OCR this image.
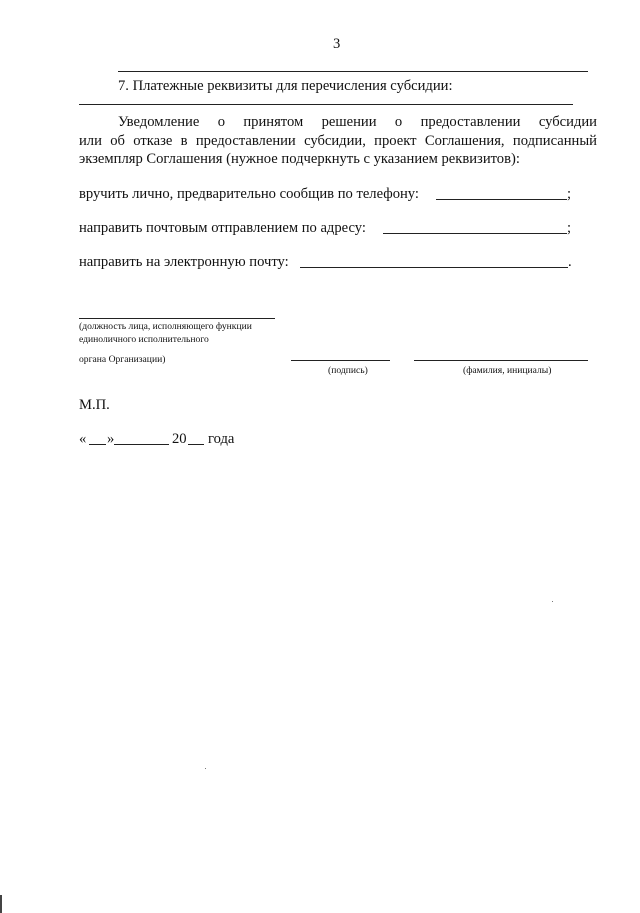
3
7. Платежные реквизиты для перечисления субсидии:
Уведомление о принятом решении о предоставлении субсидии
или об отказе в предоставлении субсидии, проект Соглашения, подписанный
экземпляр Соглашения (нужное подчеркнуть с указанием реквизитов):
вручить лично, предварительно сообщив по телефону:	;
направить почтовым отправлением по адресу:	;
направить на электронную почту:	.
(должность лица, исполняющего функции
единоличного исполнительного
органа Организации)
(подпись)	(фамилия, инициалы)
М.П.
« »	20 года
